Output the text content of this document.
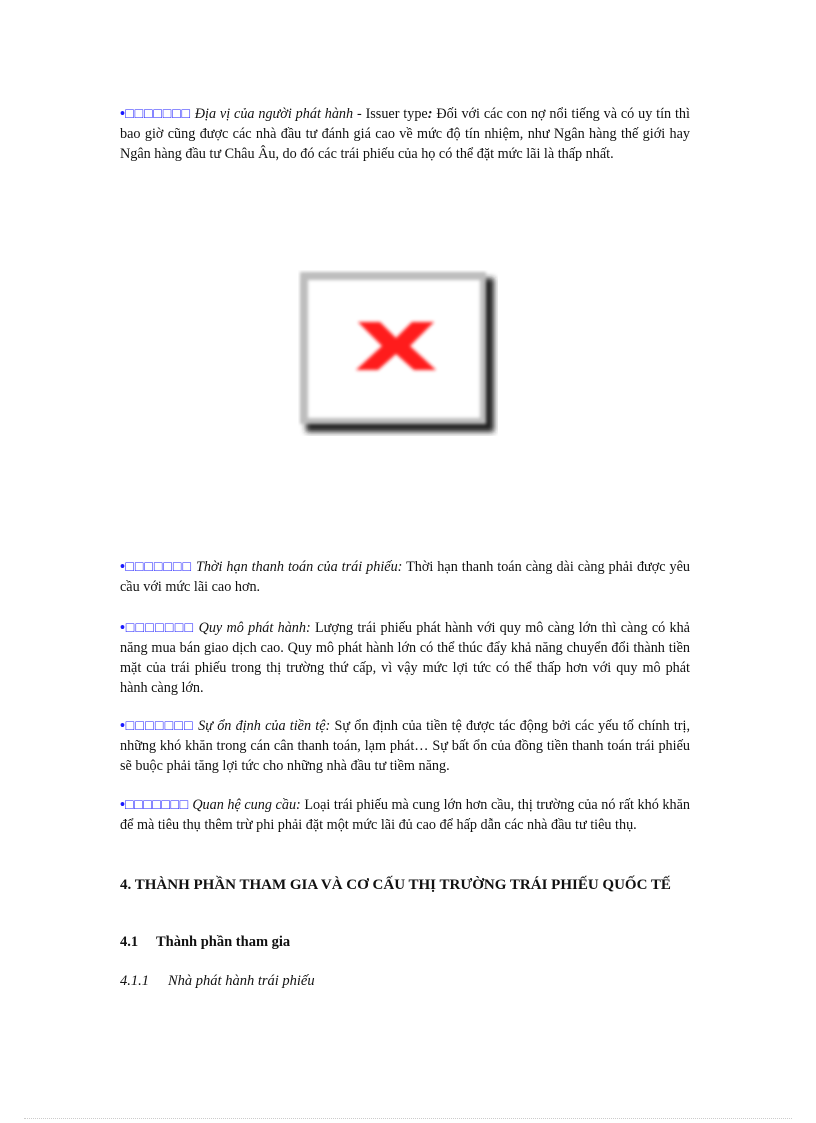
•□□□□□□□ Địa vị của người phát hành - Issuer type: Đối với các con nợ nổi tiếng và có uy tín thì bao giờ cũng được các nhà đầu tư đánh giá cao về mức độ tín nhiệm, như Ngân hàng thế giới hay Ngân hàng đầu tư Châu Âu, do đó các trái phiếu của họ có thể đặt mức lãi là thấp nhất.
•□□□□□□□ Thời hạn thanh toán của trái phiếu: Thời hạn thanh toán càng dài càng phải được yêu cầu với mức lãi cao hơn.
•□□□□□□□ Quy mô phát hành: Lượng trái phiếu phát hành với quy mô càng lớn thì càng có khả năng mua bán giao dịch cao. Quy mô phát hành lớn có thể thúc đẩy khả năng chuyển đổi thành tiền mặt của trái phiếu trong thị trường thứ cấp, vì vậy mức lợi tức có thể thấp hơn với quy mô phát hành càng lớn.
•□□□□□□□ Sự ổn định của tiền tệ: Sự ổn định của tiền tệ được tác động bởi các yếu tố chính trị, những khó khăn trong cán cân thanh toán, lạm phát… Sự bất ổn của đồng tiền thanh toán trái phiếu sẽ buộc phải tăng lợi tức cho những nhà đầu tư tiềm năng.
•□□□□□□□ Quan hệ cung cầu: Loại trái phiếu mà cung lớn hơn cầu, thị trường của nó rất khó khăn để mà tiêu thụ thêm trừ phi phải đặt một mức lãi đủ cao để hấp dẫn các nhà đầu tư tiêu thụ.
4. THÀNH PHẦN THAM GIA VÀ CƠ CẤU THỊ TRƯỜNG TRÁI PHIẾU QUỐC TẾ
4.1 Thành phần tham gia
4.1.1 Nhà phát hành trái phiếu
